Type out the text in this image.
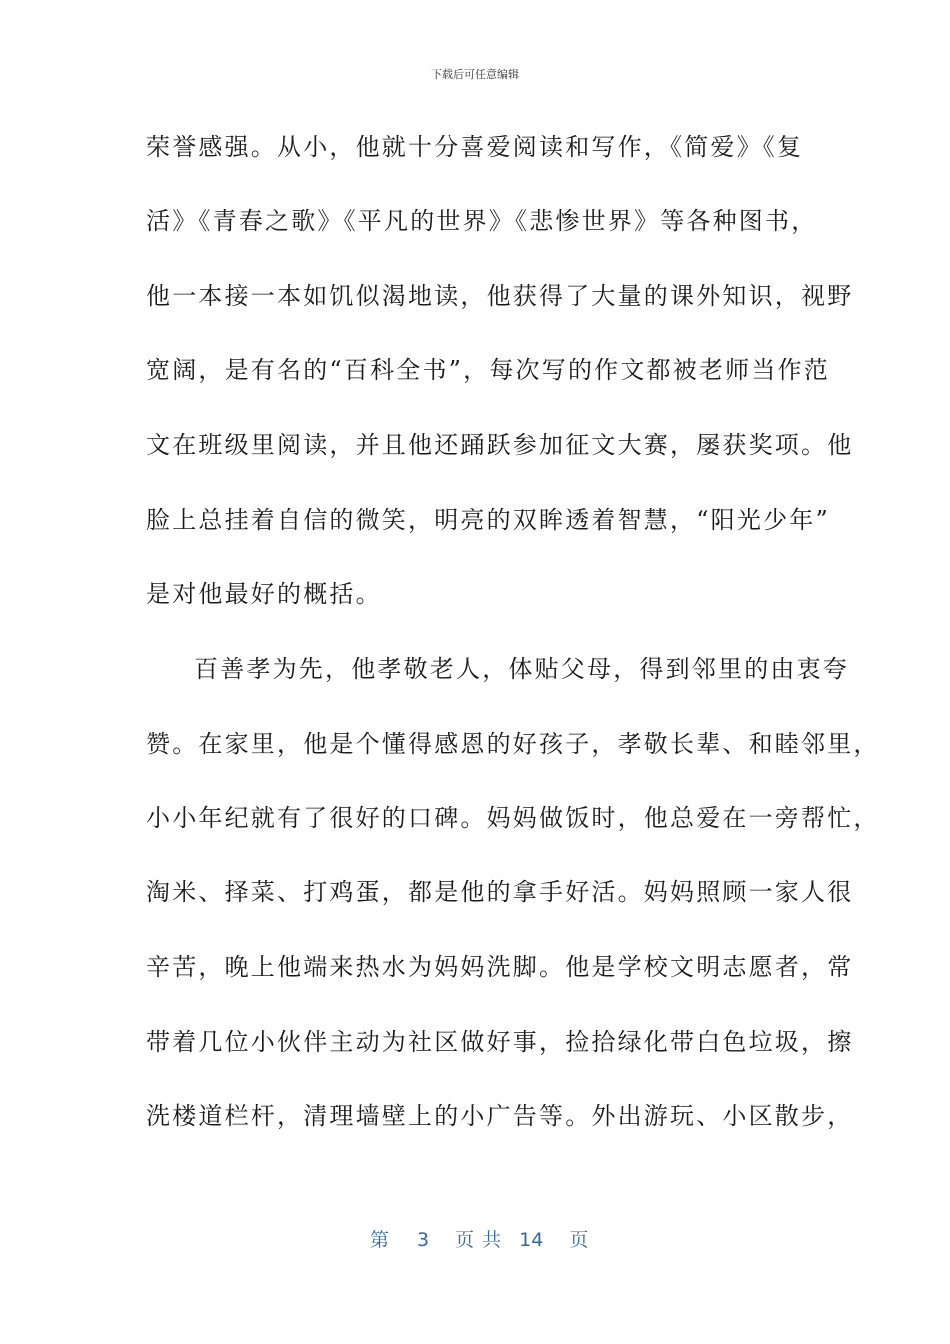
下载后可任意编辑
荣誉感强。从小，他就十分喜爱阅读和写作，《简爱》《复
活》《青春之歌》《平凡的世界》《悲惨世界》等各种图书，
他一本接一本如饥似渴地读，他获得了大量的课外知识，视野
宽阔，是有名的“百科全书”，每次写的作文都被老师当作范
文在班级里阅读，并且他还踊跃参加征文大赛，屡获奖项。他
脸上总挂着自信的微笑，明亮的双眸透着智慧，“阳光少年”
是对他最好的概括。
百善孝为先，他孝敬老人，体贴父母，得到邻里的由衷夸
赞。在家里，他是个懂得感恩的好孩子，孝敬长辈、和睦邻里，
小小年纪就有了很好的口碑。妈妈做饭时，他总爱在一旁帮忙，
淘米、择菜、打鸡蛋，都是他的拿手好活。妈妈照顾一家人很
辛苦，晚上他端来热水为妈妈洗脚。他是学校文明志愿者，常
带着几位小伙伴主动为社区做好事，捡拾绿化带白色垃圾，擦
洗楼道栏杆，清理墙壁上的小广告等。外出游玩、小区散步，
第 3 页共 14 页
